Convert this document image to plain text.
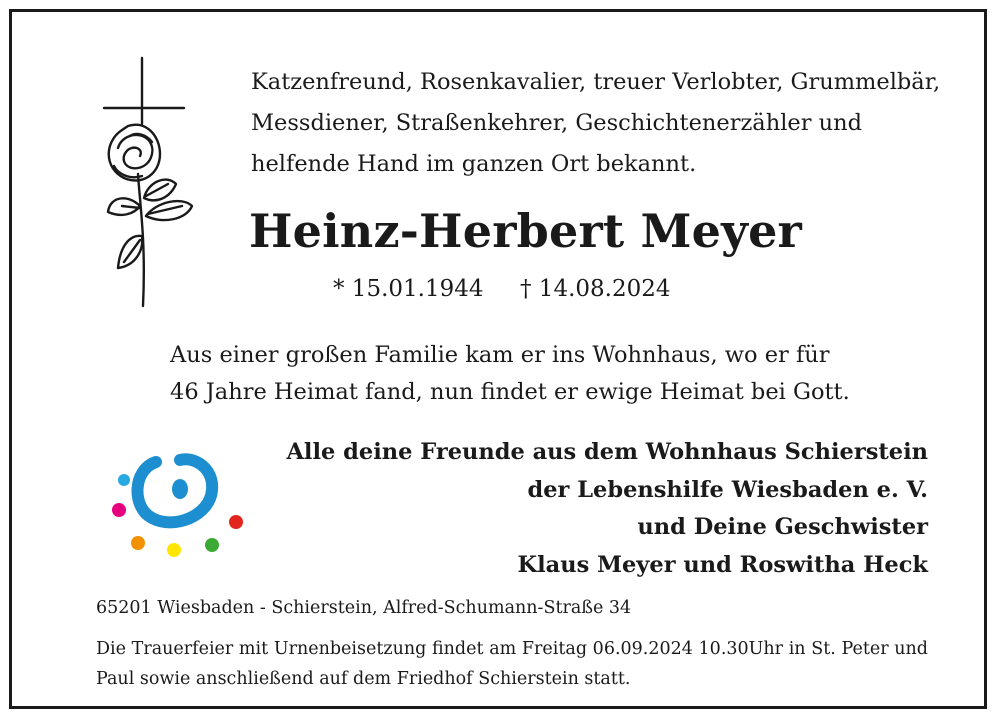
Katzenfreund, Rosenkavalier, treuer Verlobter, Grummelbär,
Messdiener, Straßenkehrer, Geschichtenerzähler und
helfende Hand im ganzen Ort bekannt.
Heinz-Herbert Meyer
* 15.01.1944 † 14.08.2024
Aus einer großen Familie kam er ins Wohnhaus, wo er für
46 Jahre Heimat fand, nun findet er ewige Heimat bei Gott.
Alle deine Freunde aus dem Wohnhaus Schierstein
der Lebenshilfe Wiesbaden e. V.
und Deine Geschwister
Klaus Meyer und Roswitha Heck
65201 Wiesbaden - Schierstein, Alfred-Schumann-Straße 34
Die Trauerfeier mit Urnenbeisetzung findet am Freitag 06.09.2024 10.30Uhr in St. Peter und Paul sowie anschließend auf dem Friedhof Schierstein statt.
